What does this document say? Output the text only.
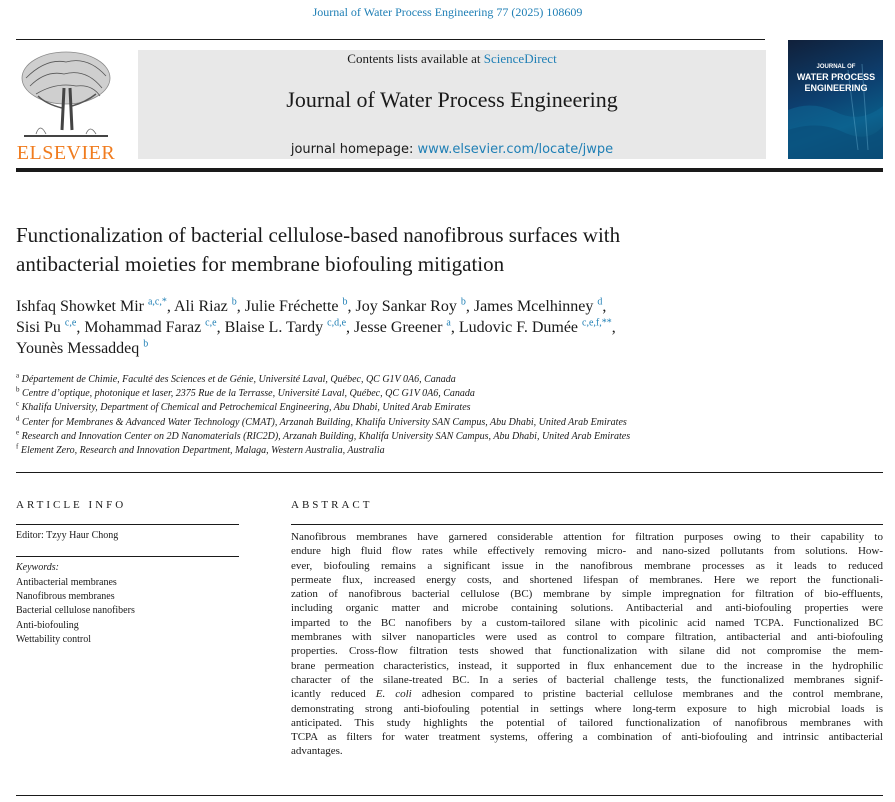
Journal of Water Process Engineering 77 (2025) 108609
ELSEVIER
Contents lists available at ScienceDirect
Journal of Water Process Engineering
journal homepage: www.elsevier.com/locate/jwpe
JOURNAL OF
WATER PROCESS
ENGINEERING
Functionalization of bacterial cellulose-based nanofibrous surfaces with
antibacterial moieties for membrane biofouling mitigation
Ishfaq Showket Mir $^{a,c,*}$, Ali Riaz $^b$, Julie Fréchette $^b$, Joy Sankar Roy $^b$, James Mcelhinney $^d$,
Sisi Pu $^{c,e}$, Mohammad Faraz $^{c,e}$, Blaise L. Tardy $^{c,d,e}$, Jesse Greener $^a$, Ludovic F. Dumée $^{c,e,f,**}$,
Younès Messaddeq $^b$
$^a$ Département de Chimie, Faculté des Sciences et de Génie, Université Laval, Québec, QC G1V 0A6, Canada
$^b$ Centre d’optique, photonique et laser, 2375 Rue de la Terrasse, Université Laval, Québec, QC G1V 0A6, Canada
$^c$ Khalifa University, Department of Chemical and Petrochemical Engineering, Abu Dhabi, United Arab Emirates
$^d$ Center for Membranes & Advanced Water Technology (CMAT), Arzanah Building, Khalifa University SAN Campus, Abu Dhabi, United Arab Emirates
$^e$ Research and Innovation Center on 2D Nanomaterials (RIC2D), Arzanah Building, Khalifa University SAN Campus, Abu Dhabi, United Arab Emirates
$^f$ Element Zero, Research and Innovation Department, Malaga, Western Australia, Australia
ARTICLE INFO
Editor: Tzyy Haur Chong
Keywords:
Antibacterial membranes
Nanofibrous membranes
Bacterial cellulose nanofibers
Anti-biofouling
Wettability control
ABSTRACT
Nanofibrous membranes have garnered considerable attention for filtration purposes owing to their capability to
endure high fluid flow rates while effectively removing micro- and nano-sized pollutants from solutions. How-
ever, biofouling remains a significant issue in the nanofibrous membrane processes as it leads to reduced
permeate flux, increased energy costs, and shortened lifespan of membranes. Here we report the functionali-
zation of nanofibrous bacterial cellulose (BC) membrane by simple impregnation for filtration of bio-effluents,
including organic matter and microbe containing solutions. Antibacterial and anti-biofouling properties were
imparted to the BC nanofibers by a custom-tailored silane with picolinic acid named TCPA. Functionalized BC
membranes with silver nanoparticles were used as control to compare filtration, antibacterial and anti-biofouling
properties. Cross-flow filtration tests showed that functionalization with silane did not compromise the mem-
brane permeation characteristics, instead, it supported in flux enhancement due to the increase in the hydrophilic
character of the silane-treated BC. In a series of bacterial challenge tests, the functionalized membranes signif-
icantly reduced E. coli adhesion compared to pristine bacterial cellulose membranes and the control membrane,
demonstrating strong anti-biofouling potential in settings where long-term exposure to high microbial loads is
anticipated. This study highlights the potential of tailored functionalization of nanofibrous membranes with
TCPA as filters for water treatment systems, offering a combination of anti-biofouling and intrinsic antibacterial
advantages.
